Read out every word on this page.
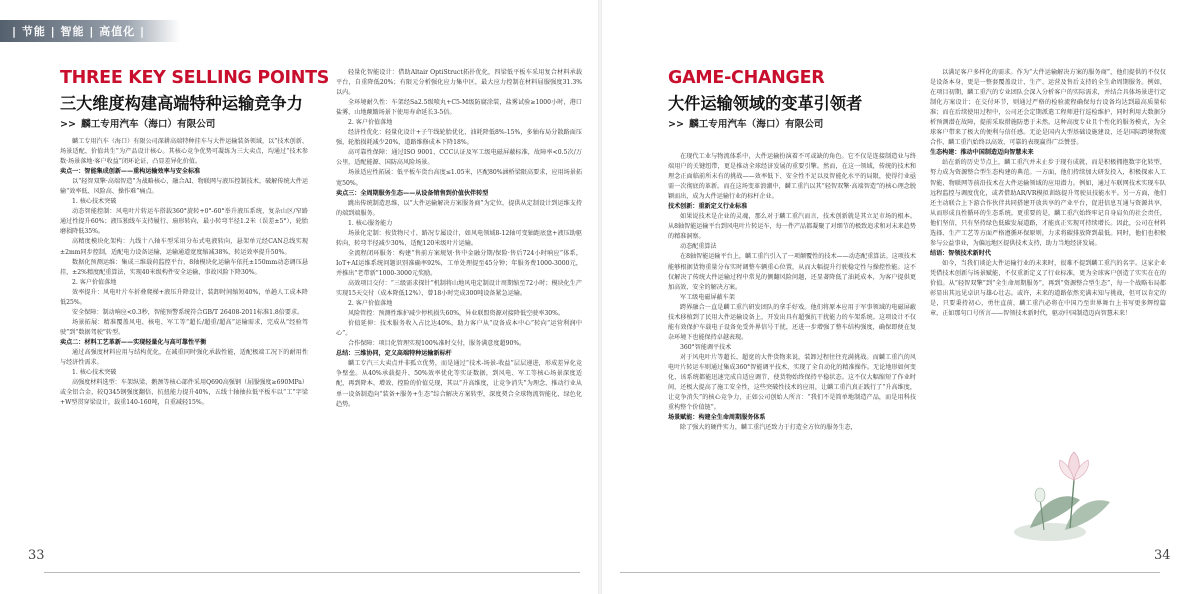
| 节能 | 智能 | 高值化 |
THREE KEY SELLING POINTS
三大维度构建高端特种运输竞争力
>> 麟工专用汽车（海口）有限公司

麟工专用汽车（海口）有限公司深耕高端特种挂车与大件运输装备领域，以“技术创新、场景适配、价值共生”为产品设计核心。其核心竞争优势可凝练为三大卖点，均通过“技术参数·场景落地·客户收益”闭环论证，凸显差异化价值。

卖点一：智能集成创新——重构运输效率与安全标准

以“轻智双擎·高端智造”为战略核心，融合AI、物联网与液压控制技术，破解传统大件运输“效率低、风险高、操作难”痛点。

1. 核心技术突破

动态智能控制：风电叶片转运车搭载360°旋转+0°-60°举升液压系统，复杂山区/窄路通过性提升60%；液压独线车支持履行、扇形转向，最小转弯半径1.2米（误差±5°），轮胎磨损降低35%。

高精度模块化架构：九线十八轴车型采用分布式电液转向，悬架单元经CAN总线实现±2mm同步控制，适配电力设备运输，运输通道宽度缩减38%，转运效率提升50%。

数据化预测运维：集成三维载荷监控平台，8轴模块化运输车依托±150mm动态调压悬挂，±2%精度配重算法，实现40米级构件安全运输，事故风险下降30%。

2. 客户价值落地

效率提升：风电叶片车折叠爬梯+液压升降设计，装卸时间缩短40%，单趟人工成本降低25%。

安全保障：制动响应<0.3秒，智能预警系统符合GB/T 26408-2011标准1.8倍要求。

场景拓展：精准覆盖风电、核电、军工等“超长/超重/超高”运输需求，完成从“经验驾驶”到“数据驾驶”转型。

卖点二：材料工艺革新——实现轻量化与高可靠性平衡

通过高强度材料应用与结构优化，在减重同时强化承载性能，适配极端工况下的耐用性与经济性需求。

1. 核心技术突破

高强度材料选型：车架纵梁、鹅颈等核心部件采用Q690高强钢（屈服强度≥690MPa）或全铝合金，较Q345钢强度翻倍，抗扭能力提升40%，五线十轴抽拉低平板车以“工”字梁+W型贯穿梁设计，载重140-160吨，自重减轻15%。

轻量化智能设计：借助Altair OptiStruct拓扑优化，四梁低平板车采用复合材料承载平台，自重降低20%；有限元分析强化应力集中区，最大应力控制在材料屈服强度31.3%以内。

全环境耐久性：车架经Sa2.5级喷丸+C5-M级防腐涂装，盐雾试验≥1000小时，港口盐雾、山地颠簸场景下使用寿命延长3-5倍。

2. 客户价值落地

经济性优化：轻量化设计+子午线轮胎优化，油耗降低8%-15%，多轴布局分散路面压强，轮胎损耗减少20%，道路维修成本下降18%。

高可靠性保障：通过ISO 9001、CCC认证及军工级电磁屏蔽标准，故障率<0.5次/万公里，适配能源、国防高风险场景。

场景适应性拓展：低平板车货台高度≤1.05米，匹配80%涵桥梁限高要求，应用场景拓宽50%。

卖点三：全周期服务生态——从设备销售到价值伙伴转型

跳出传统制造思维，以“大件运输解决方案服务商”为定位，提供从定制设计到运维支持的端到端服务。

1. 核心服务能力

场景化定制：按货物尺寸、路况专属设计，如风电领域8-12轴可变轴距底盘+液压助驱转向，转弯半径减少30%，适配120米级叶片运输。

全流程闭环服务：构建“售前方案规划·售中金融分期/保险·售后724小时响应”体系，IoT+AI运维系统问题识别准确率92%，工单处理提至45分钟；年服务费1000-3000元，并推出“老带新”1000-3000元奖励。

高效项目交付：“三级需求探针”机制将山地风电定制设计周期缩至72小时；模块化生产实现15天交付（成本降低12%），曾18小时完成300吨设备紧急运输。

2. 客户价值落地

风险管控：预测性维护减少停机损失60%，异业联盟资源对接降低空驶率30%。

价值延伸：技术服务收入占比达40%，助力客户从“设备成本中心”转向“运营利润中心”。

合作保障：项目化管理实现100%准时交付，服务满意度超90%。

总结：三维协同，定义高端特种运输新标杆

麟工专汽三大卖点并非孤立优势，而是通过“技术-场景-收益”层层递进，形成差异化竞争壁垒。从40%承载提升、50%效率优化等实证数据，到风电、军工等核心场景深度适配，再到降本、增效、控险的价值兑现，其以“升高维度，让竞争消失”为理念，推动行业从单一设备制造向“装备+服务+生态”综合解决方案转型，深度契合全球物流智能化、绿色化趋势。

33
GAME-CHANGER
大件运输领域的变革引领者
>> 麟工专用汽车（海口）有限公司

在现代工业与物流体系中，大件运输扮演着不可或缺的角色。它不仅是连接制造业与终端用户的关键纽带，更是推动全球经济发展的重要引擎。然而，在这一领域，传统的技术和理念正面临前所未有的挑战——效率低下、安全性不足以及智能化水平的局限，使得行业亟需一次彻底的革新。而在这场变革浪潮中，麟工重汽以其“轻智双擎·高端智造”的核心理念脱颖而出，成为大件运输行业的标杆企业。

技术创新：重新定义行业标准

如果说技术是企业的灵魂，那么对于麟工重汽而言，技术创新就是其立足市场的根本。从8轴智能运输平台到风电叶片转运车，每一件产品都凝聚了对细节的极致追求和对未来趋势的精准洞察。

动态配重算法

在8轴智能运输平台上，麟工重汽引入了一项颠覆性的技术——动态配重算法。这项技术能够根据货物重量分布实时调整车辆重心位置，从而大幅提升行驶稳定性与操控性能。这不仅解决了传统大件运输过程中常见的侧翻风险问题，还显著降低了油耗成本，为客户提供更加高效、安全的解决方案。

军工级电磁屏蔽车架

跨界融合一直是麟工重汽研发团队的拿手好戏。他们将原本应用于军事领域的电磁屏蔽技术移植到了民用大件运输设备上，开发出具有超强抗干扰能力的车架系统。这项设计不仅能有效保护车载电子设备免受外界信号干扰，还进一步增强了整车结构强度，确保即便在复杂环境下也能保持卓越表现。

360°智能调平技术

对于风电叶片等超长、超宽的大件货物来说，装卸过程往往充满挑战。而麟工重汽的风电叶片转运车则通过集成360°智能调平技术，实现了全自动化的精准操作。无论地形如何变化，该系统都能迅速完成自适应调节，使货物始终保持平稳状态。这不仅大幅缩短了作业时间，还极大提高了施工安全性，这些突破性技术的应用，让麟工重汽真正践行了“升高维度，让竞争消失”的核心竞争力，正如公司创始人所言：“我们不是简单地制造产品，而是用科技重构整个价值链”。

场景赋能：构建全生命周期服务体系

除了强大的硬件实力，麟工重汽还致力于打造全方位的服务生态，

以满足客户多样化的需求。作为“大件运输解决方案的服务商”，他们提供的不仅仅是设备本身，更是一整套覆盖设计、生产、运营及售后支持的全生命周期服务。例如，在项目初期，麟工重汽的专业团队会深入分析客户的实际需求，并结合具体场景进行定制化方案设计；在交付环节，则通过严格的检验流程确保每台设备均达到最高质量标准；而在后续使用过程中，公司还会定期派遣工程师进行巡检维护，同时利用大数据分析预测潜在故障，提前采取措施防患于未然。这种高度专业且个性化的服务模式，为全球客户带来了极大的便利与信任感。无论是国内大型基础设施建设，还是国际跨境物流合作，麟工重汽始终以高效、可靠的表现赢得广泛赞誉。

生态构建：推动中国制造迈向智慧未来

站在新的历史节点上，麟工重汽并未止步于现有成就，而是积极拥抱数字化转型，努力成为资源整合型生态构建的典范。一方面，他们持续加大研发投入，积极探索人工智能、物联网等前沿技术在大件运输领域的应用潜力。例如，通过车联网技术实现车队远程监控与调度优化，或者借助AR/VR模拟训练提升驾驶员技能水平。另一方面，他们还主动联合上下游合作伙伴共同搭建开放共享的产业平台，促进信息互通与资源共享，从而形成良性循环的生态系统。更重要的是，麟工重汽始终牢记自身肩负的社会责任，他们坚信，只有坚持绿色低碳发展道路，才能真正实现可持续增长。因此，公司在材料选择、生产工艺等方面严格遵循环保原则，力求将碳排放降到最低。同时，他们也积极参与公益事业，为偏远地区提供技术支持，助力当地经济发展。

结语：智领技术新时代

如今，当我们谈论大件运输行业的未来时，很难不提到麟工重汽的名字。这家企业凭借技术创新与场景赋能，不仅重新定义了行业标准，更为全球客户创造了实实在在的价值。从“轻智双擎”到“全生命周期服务”，再到“资源整合型生态”，每一个战略布局都彰显出其远见卓识与雄心壮志。或许，未来的道路依然充满未知与挑战，但可以肯定的是，只要秉持初心，勇往直前，麟工重汽必将在中国乃至世界舞台上书写更多辉煌篇章，正如那句口号所言——智领技术新时代，驱动中国制造迈向智慧未来！

34
